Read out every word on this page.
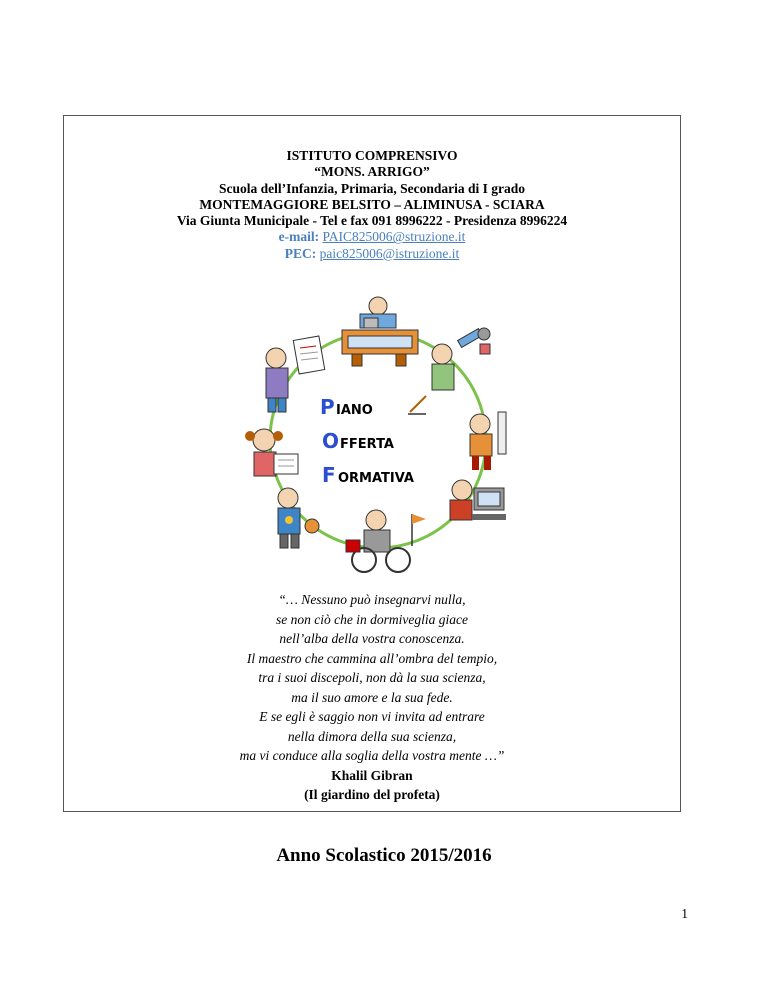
ISTITUTO COMPRENSIVO
“MONS. ARRIGO”
Scuola dell’Infanzia, Primaria, Secondaria di I grado
MONTEMAGGIORE BELSITO – ALIMINUSA - SCIARA
Via Giunta Municipale - Tel e fax 091 8996222 - Presidenza 8996224
e-mail: PAIC825006@struzione.it
PEC: paic825006@istruzione.it
P IANO
O FFERTA
F ORMATIVA
“… Nessuno può insegnarvi nulla,
se non ciò che in dormiveglia giace
nell’alba della vostra conoscenza.
Il maestro che cammina all’ombra del tempio,
tra i suoi discepoli, non dà la sua scienza,
ma il suo amore e la sua fede.
E se egli è saggio non vi invita ad entrare
nella dimora della sua scienza,
ma vi conduce alla soglia della vostra mente …”
Khalil Gibran
(Il giardino del profeta)
Anno Scolastico 2015/2016
1
